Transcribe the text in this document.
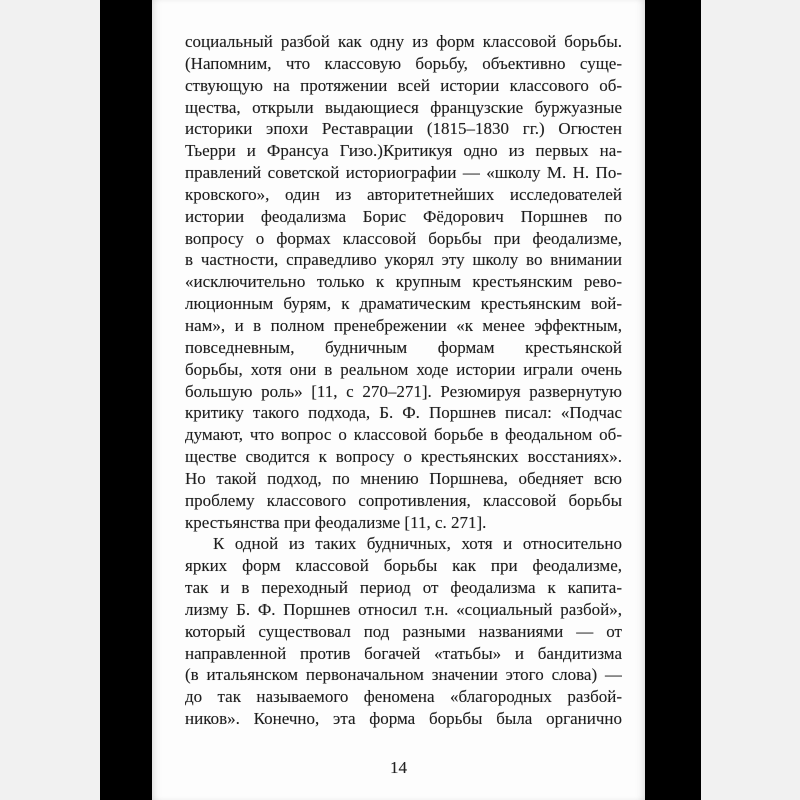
социальный разбой как одну из форм классовой борьбы.
(Напомним, что классовую борьбу, объективно суще-
ствующую на протяжении всей истории классового об-
щества, открыли выдающиеся французские буржуазные
историки эпохи Реставрации (1815–1830 гг.) Огюстен
Тьерри и Франсуа Гизо.)Критикуя одно из первых на-
правлений советской историографии — «школу М. Н. По-
кровского», один из авторитетнейших исследователей
истории феодализма Борис Фёдорович Поршнев по
вопросу о формах классовой борьбы при феодализме,
в частности, справедливо укорял эту школу во внимании
«исключительно только к крупным крестьянским рево-
люционным бурям, к драматическим крестьянским вой-
нам», и в полном пренебрежении «к менее эффектным,
повседневным, будничным формам крестьянской
борьбы, хотя они в реальном ходе истории играли очень
большую роль» [11, с 270–271]. Резюмируя развернутую
критику такого подхода, Б. Ф. Поршнев писал: «Подчас
думают, что вопрос о классовой борьбе в феодальном об-
ществе сводится к вопросу о крестьянских восстаниях».
Но такой подход, по мнению Поршнева, обедняет всю
проблему классового сопротивления, классовой борьбы
крестьянства при феодализме [11, с. 271].
К одной из таких будничных, хотя и относительно
ярких форм классовой борьбы как при феодализме,
так и в переходный период от феодализма к капита-
лизму Б. Ф. Поршнев относил т.н. «социальный разбой»,
который существовал под разными названиями — от
направленной против богачей «татьбы» и бандитизма
(в итальянском первоначальном значении этого слова) —
до так называемого феномена «благородных разбой-
ников». Конечно, эта форма борьбы была органично
14
